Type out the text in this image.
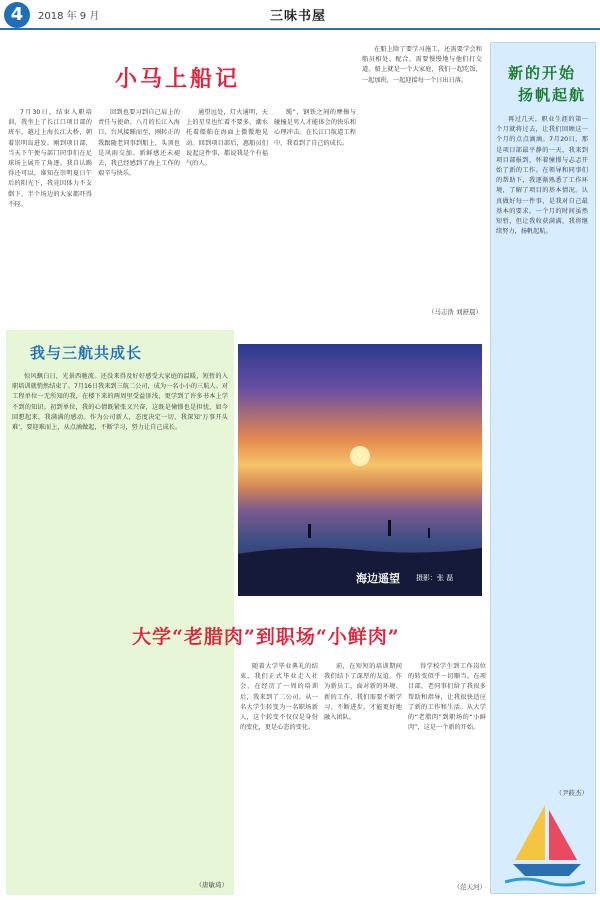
4	2018 年 9 月	三味书屋
小马上船记

7月30日，结束入职培训，我坐上了长江口项目部的班车，越过上海长江大桥，朝着崇明岛进发。刚到项目部，当天下午便与部门同事们在足球场上展开了角逐。我自认踢得还可以，谁知在崇明夏日午后的阳光下，我竟因体力不支倒下，半个场边的大家都吓得不轻。

回到也要习到自己肩上的责任与使命。八月的长江入海口，台风接踵而至，刚转正的我跟随老同事到船上，头顶也是风雨交加。新鲜感还未褪去，我已经感到了海上工作的艰辛与快乐。

通望远处，灯火通明，天上的星星也忙着不要多，潮水托着船舶在海面上微微地晃动。回到项目部后，惠船员们说起这件事，都说我是个有福气的人。

缆”，钢铁之间的摩擦与碰撞是男人才能体会的快乐和心理冲击。在长江口航道工程中，我看到了自己的成长。

在船上除了要学习施工，还需要学会和船员相处、配合，需要慢慢地与他们打交道。船上就是一个大家庭，我们一起吃饭，一起加班，一起迎接每一个日出日落。

（马志浩 刘舒晨）
我与三航共成长

惊风飘白日，光景西驰流。还没来得及好好感受大家庭的温暖，短暂的入职培训就悄然结束了。7月16日我来到三航二公司，成为一名小小的三航人。对工程单位一无所知的我，在楼下来的两周里受益匪浅，更学到了许多书本上学不到的知识。初到单位，我的心情既紧张又兴奋，这既是憧憬也是担忧，如今回想起来，我满满的感动。作为公司新人，态度决定一切，我深知‘万事开头难’，要迎难而上，从点滴做起，不断学习，努力让自己成长。

（唐敏琦）
海边遥望 摄影：张 磊
大学“老腊肉”到职场“小鲜肉”

随着大学毕业典礼的结束，我们正式毕业走入社会，在经历了一周的培训后，我来到了二公司。从一名大学生转变为一名职场新人，这个转变不仅仅是身份的变化，更是心态的变化。

前，在短短的培训期间我们结下了深厚的友谊。作为新员工，面对新的环境、新的工作，我们需要不断学习、不断进步，才能更好地融入团队。

得学校学生到工作岗位的转变似乎一切顺当。在项目部，老同事们给了我很多帮助和指导，让我很快适应了新的工作和生活。从大学的“老腊肉”到职场的“小鲜肉”，这是一个新的开始。

（范天河）
新的开始
扬帆起航

再过几天，职业生涯的第一个月就将过去，让我们回顾这一个月的点点滴滴。7月20日，那是项目部最平静的一天，我来到项目部报到，怀着憧憬与忐忑开始了新的工作。在领导和同事们的帮助下，我逐渐熟悉了工作环境，了解了项目的基本情况。认真做好每一件事，是我对自己最基本的要求。一个月的时间虽然短暂，但让我收获满满，我将继续努力，扬帆起航。

（尹筱杰）
